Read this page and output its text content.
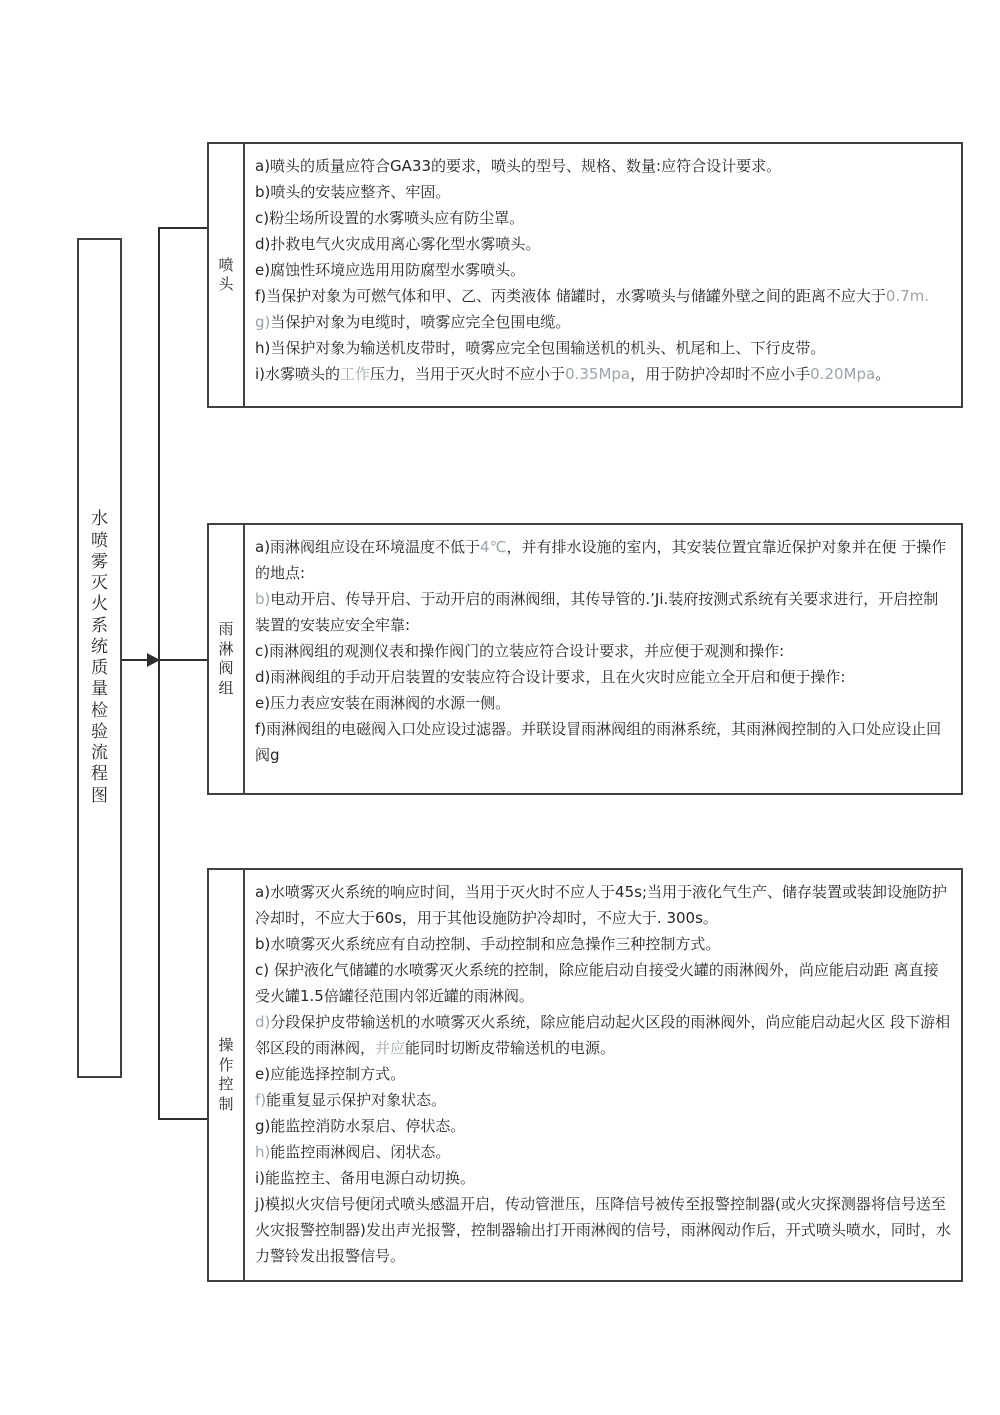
水喷雾灭火系统质量检验流程图
喷头
a)喷头的质量应符合GA33的要求，喷头的型号、规格、数量:应符合设计要求。
b)喷头的安装应整齐、牢固。
c)粉尘场所设置的水雾喷头应有防尘罩。
d)扑救电气火灾成用离心雾化型水雾喷头。
e)腐蚀性环境应选用用防腐型水雾喷头。
f)当保护对象为可燃气体和甲、乙、丙类液体 储罐时，水雾喷头与储罐外壁之间的距离不应大于0.7m.
g)当保护对象为电缆时，喷雾应完全包围电缆。
h)当保护对象为输送机皮带时，喷雾应完全包围输送机的机头、机尾和上、下行皮带。
i)水雾喷头的工作压力，当用于灭火时不应小于0.35Mpa，用于防护冷却时不应小手0.20Mpa。
雨淋阀组
a)雨淋阀组应设在环境温度不低于4℃，并有排水设施的室内，其安装位置宜靠近保护对象并在便 于操作的地点:
b)电动开启、传导开启、于动开启的雨淋阀细，其传导管的.’Ji.装府按测式系统有关要求进行，开启控制装置的安装应安全牢靠:
c)雨淋阀组的观测仪表和操作阀门的立装应符合设计要求，并应便于观测和操作:
d)雨淋阀组的手动开启装置的安装应符合设计要求，且在火灾时应能立全开启和便于操作:
e)压力表应安装在雨淋阀的水源一侧。
f)雨淋阀组的电磁阀入口处应设过滤器。并联设冒雨淋阀组的雨淋系统，其雨淋阀控制的入口处应设止回阀g
操作控制
a)水喷雾灭火系统的响应时间，当用于灭火时不应人于45s;当用于液化气生产、储存装置或装卸设施防护冷却时，不应大于60s，用于其他设施防护冷却时，不应大于. 300s。
b)水喷雾灭火系统应有自动控制、手动控制和应急操作三种控制方式。
c) 保护液化气储罐的水喷雾灭火系统的控制，除应能启动自接受火罐的雨淋阀外，尚应能启动距 离直接受火罐1.5倍罐径范围内邻近罐的雨淋阀。
d)分段保护皮带输送机的水喷雾灭火系统，除应能启动起火区段的雨淋阀外，尚应能启动起火区 段下游相邻区段的雨淋阀，并应能同时切断皮带输送机的电源。
e)应能选择控制方式。
f)能重复显示保护对象状态。
g)能监控消防水泵启、停状态。
h)能监控雨淋阀启、闭状态。
i)能监控主、备用电源白动切换。
j)模拟火灾信号便闭式喷头感温开启，传动管泄压，压降信号被传至报警控制器(或火灾探测器将信号送至火灾报警控制器)发出声光报警，控制器输出打开雨淋阀的信号，雨淋阀动作后，开式喷头喷水，同时，水力警铃发出报警信号。
